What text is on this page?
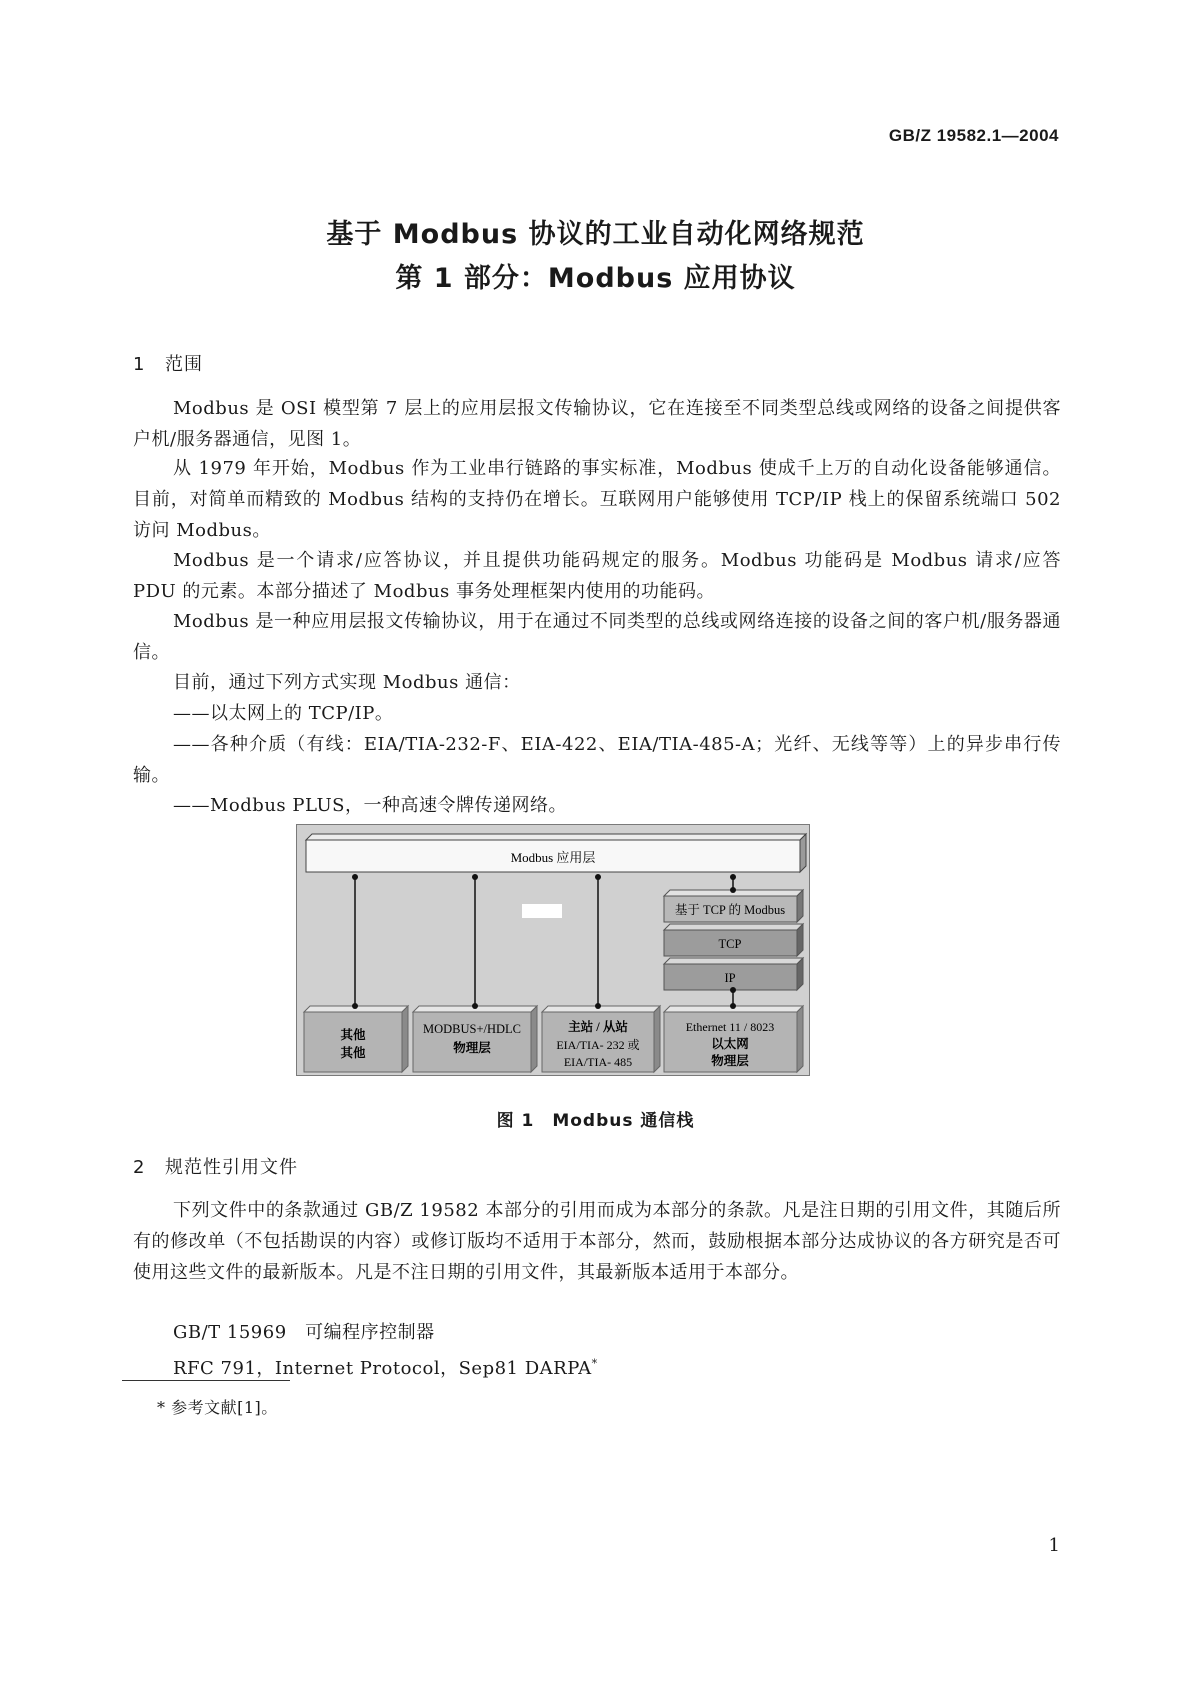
GB/Z 19582.1—2004
基于 Modbus 协议的工业自动化网络规范
第 1 部分：Modbus 应用协议
1 范围
Modbus 是 OSI 模型第 7 层上的应用层报文传输协议，它在连接至不同类型总线或网络的设备之间提供客户机/服务器通信，见图 1。
从 1979 年开始，Modbus 作为工业串行链路的事实标准，Modbus 使成千上万的自动化设备能够通信。目前，对简单而精致的 Modbus 结构的支持仍在增长。互联网用户能够使用 TCP/IP 栈上的保留系统端口 502 访问 Modbus。
Modbus 是一个请求/应答协议，并且提供功能码规定的服务。Modbus 功能码是 Modbus 请求/应答 PDU 的元素。本部分描述了 Modbus 事务处理框架内使用的功能码。
Modbus 是一种应用层报文传输协议，用于在通过不同类型的总线或网络连接的设备之间的客户机/服务器通信。
目前，通过下列方式实现 Modbus 通信：
——以太网上的 TCP/IP。
——各种介质（有线：EIA/TIA-232-F、EIA-422、EIA/TIA-485-A；光纤、无线等等）上的异步串行传输。
——Modbus PLUS，一种高速令牌传递网络。
Modbus 应用层
基于 TCP 的 Modbus
TCP
IP
其他
其他
MODBUS+/HDLC
物理层
主站 / 从站
EIA/TIA- 232 或
EIA/TIA- 485
Ethernet 11 / 8023
以太网
物理层
图 1　Modbus 通信栈
2 规范性引用文件
下列文件中的条款通过 GB/Z 19582 本部分的引用而成为本部分的条款。凡是注日期的引用文件，其随后所有的修改单（不包括勘误的内容）或修订版均不适用于本部分，然而，鼓励根据本部分达成协议的各方研究是否可使用这些文件的最新版本。凡是不注日期的引用文件，其最新版本适用于本部分。
GB/T 15969　可编程序控制器
RFC 791，Internet Protocol，Sep81 DARPA*
* 参考文献[1]。
1
